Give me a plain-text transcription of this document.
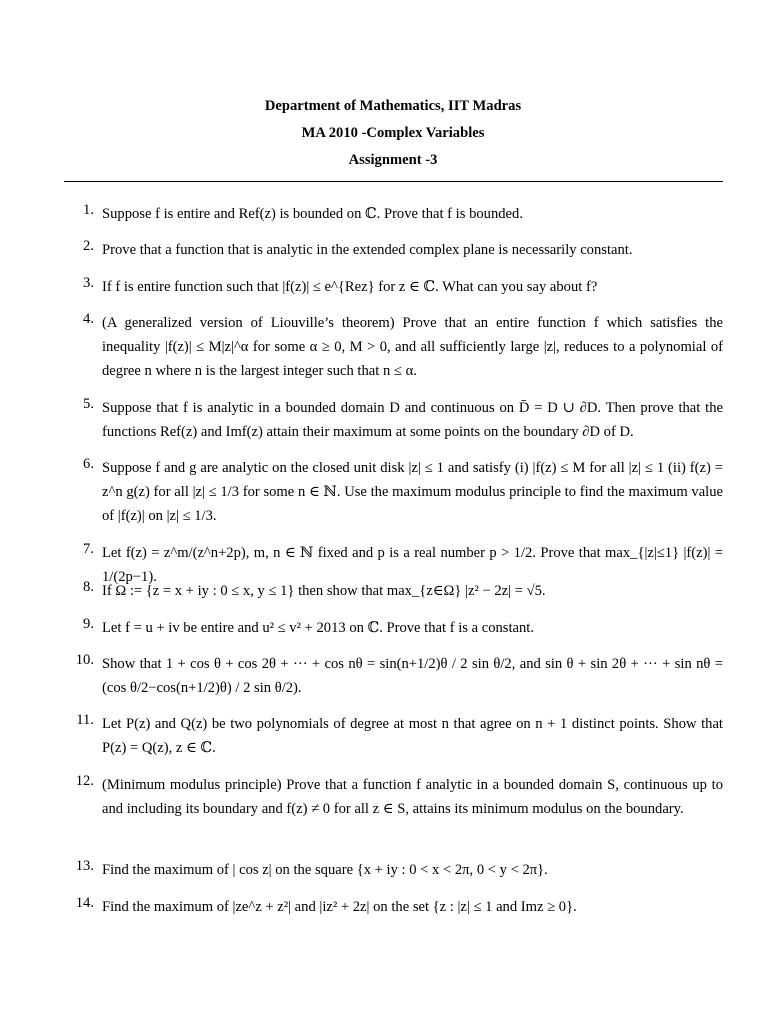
Department of Mathematics, IIT Madras
MA 2010 -Complex Variables
Assignment -3
1. Suppose f is entire and Ref(z) is bounded on ℂ. Prove that f is bounded.
2. Prove that a function that is analytic in the extended complex plane is necessarily constant.
3. If f is entire function such that |f(z)| ≤ e^{Rez} for z ∈ ℂ. What can you say about f?
4. (A generalized version of Liouville’s theorem) Prove that an entire function f which satisfies the inequality |f(z)| ≤ M|z|^α for some α ≥ 0, M > 0, and all sufficiently large |z|, reduces to a polynomial of degree n where n is the largest integer such that n ≤ α.
5. Suppose that f is analytic in a bounded domain D and continuous on D̄ = D ∪ ∂D. Then prove that the functions Ref(z) and Imf(z) attain their maximum at some points on the boundary ∂D of D.
6. Suppose f and g are analytic on the closed unit disk |z| ≤ 1 and satisfy (i) |f(z) ≤ M for all |z| ≤ 1 (ii) f(z) = z^n g(z) for all |z| ≤ 1/3 for some n ∈ ℕ. Use the maximum modulus principle to find the maximum value of |f(z)| on |z| ≤ 1/3.
7. Let f(z) = z^m/(z^n+2p), m, n ∈ ℕ fixed and p is a real number p > 1/2. Prove that max_{|z|≤1} |f(z)| = 1/(2p−1).
8. If Ω := {z = x + iy : 0 ≤ x, y ≤ 1} then show that max_{z∈Ω} |z² − 2z| = √5.
9. Let f = u + iv be entire and u² ≤ v² + 2013 on ℂ. Prove that f is a constant.
10. Show that 1 + cos θ + cos 2θ + ··· + cos nθ = sin(n+1/2)θ / 2 sin θ/2, and sin θ + sin 2θ + ··· + sin nθ = (cos θ/2−cos(n+1/2)θ) / 2 sin θ/2).
11. Let P(z) and Q(z) be two polynomials of degree at most n that agree on n + 1 distinct points. Show that P(z) = Q(z), z ∈ ℂ.
12. (Minimum modulus principle) Prove that a function f analytic in a bounded domain S, continuous up to and including its boundary and f(z) ≠ 0 for all z ∈ S, attains its minimum modulus on the boundary.
13. Find the maximum of | cos z| on the square {x + iy : 0 < x < 2π, 0 < y < 2π}.
14. Find the maximum of |ze^z + z²| and |iz² + 2z| on the set {z : |z| ≤ 1 and Imz ≥ 0}.
